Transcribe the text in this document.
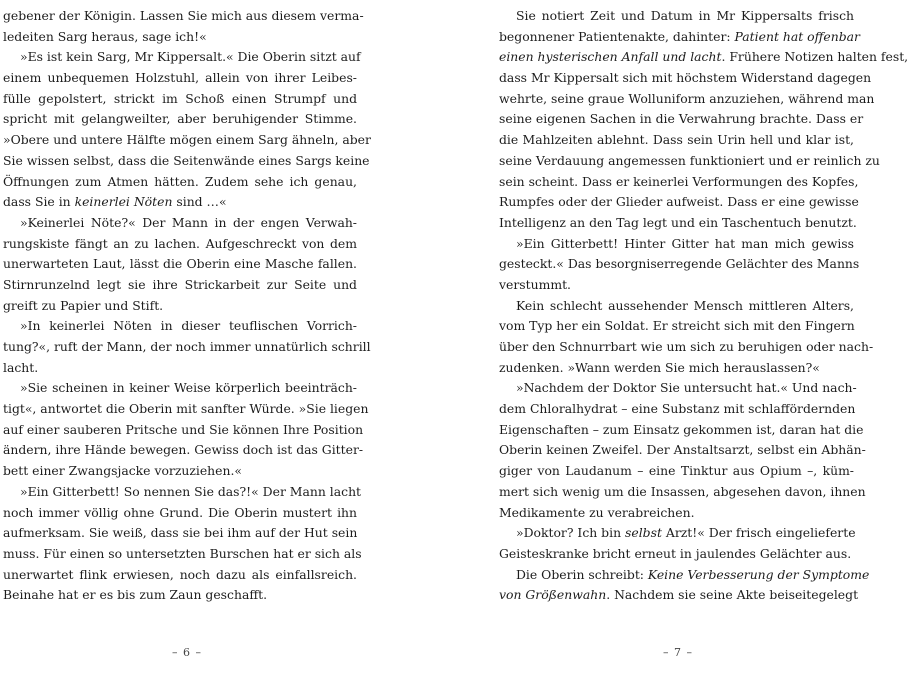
gebener der Königin. Lassen Sie mich aus diesem verma-
ledeiten Sarg heraus, sage ich!«
»Es ist kein Sarg, Mr Kippersalt.« Die Oberin sitzt auf
einem unbequemen Holzstuhl, allein von ihrer Leibes-
fülle gepolstert, strickt im Schoß einen Strumpf und
spricht mit gelangweilter, aber beruhigender Stimme.
»Obere und untere Hälfte mögen einem Sarg ähneln, aber
Sie wissen selbst, dass die Seitenwände eines Sargs keine
Öffnungen zum Atmen hätten. Zudem sehe ich genau,
dass Sie in keinerlei Nöten sind …«
»Keinerlei Nöte?« Der Mann in der engen Verwah-
rungskiste fängt an zu lachen. Aufgeschreckt von dem
unerwarteten Laut, lässt die Oberin eine Masche fallen.
Stirnrunzelnd legt sie ihre Strickarbeit zur Seite und
greift zu Papier und Stift.
»In keinerlei Nöten in dieser teuflischen Vorrich-
tung?«, ruft der Mann, der noch immer unnatürlich schrill
lacht.
»Sie scheinen in keiner Weise körperlich beeinträch-
tigt«, antwortet die Oberin mit sanfter Würde. »Sie liegen
auf einer sauberen Pritsche und Sie können Ihre Position
ändern, ihre Hände bewegen. Gewiss doch ist das Gitter-
bett einer Zwangsjacke vorzuziehen.«
»Ein Gitterbett! So nennen Sie das?!« Der Mann lacht
noch immer völlig ohne Grund. Die Oberin mustert ihn
aufmerksam. Sie weiß, dass sie bei ihm auf der Hut sein
muss. Für einen so untersetzten Burschen hat er sich als
unerwartet flink erwiesen, noch dazu als einfallsreich.
Beinahe hat er es bis zum Zaun geschafft.
– 6 –
Sie notiert Zeit und Datum in Mr Kippersalts frisch
begonnener Patientenakte, dahinter: Patient hat offenbar
einen hysterischen Anfall und lacht. Frühere Notizen halten fest,
dass Mr Kippersalt sich mit höchstem Widerstand dagegen
wehrte, seine graue Wolluniform anzuziehen, während man
seine eigenen Sachen in die Verwahrung brachte. Dass er
die Mahlzeiten ablehnt. Dass sein Urin hell und klar ist,
seine Verdauung angemessen funktioniert und er reinlich zu
sein scheint. Dass er keinerlei Verformungen des Kopfes,
Rumpfes oder der Glieder aufweist. Dass er eine gewisse
Intelligenz an den Tag legt und ein Taschentuch benutzt.
»Ein Gitterbett! Hinter Gitter hat man mich gewiss
gesteckt.« Das besorgniserregende Gelächter des Manns
verstummt.
Kein schlecht aussehender Mensch mittleren Alters,
vom Typ her ein Soldat. Er streicht sich mit den Fingern
über den Schnurrbart wie um sich zu beruhigen oder nach-
zudenken. »Wann werden Sie mich herauslassen?«
»Nachdem der Doktor Sie untersucht hat.« Und nach-
dem Chloralhydrat – eine Substanz mit schlaffördernden
Eigenschaften – zum Einsatz gekommen ist, daran hat die
Oberin keinen Zweifel. Der Anstaltsarzt, selbst ein Abhän-
giger von Laudanum – eine Tinktur aus Opium –, küm-
mert sich wenig um die Insassen, abgesehen davon, ihnen
Medikamente zu verabreichen.
»Doktor? Ich bin selbst Arzt!« Der frisch eingelieferte
Geisteskranke bricht erneut in jaulendes Gelächter aus.
Die Oberin schreibt: Keine Verbesserung der Symptome
von Größenwahn. Nachdem sie seine Akte beiseitegelegt
– 7 –
